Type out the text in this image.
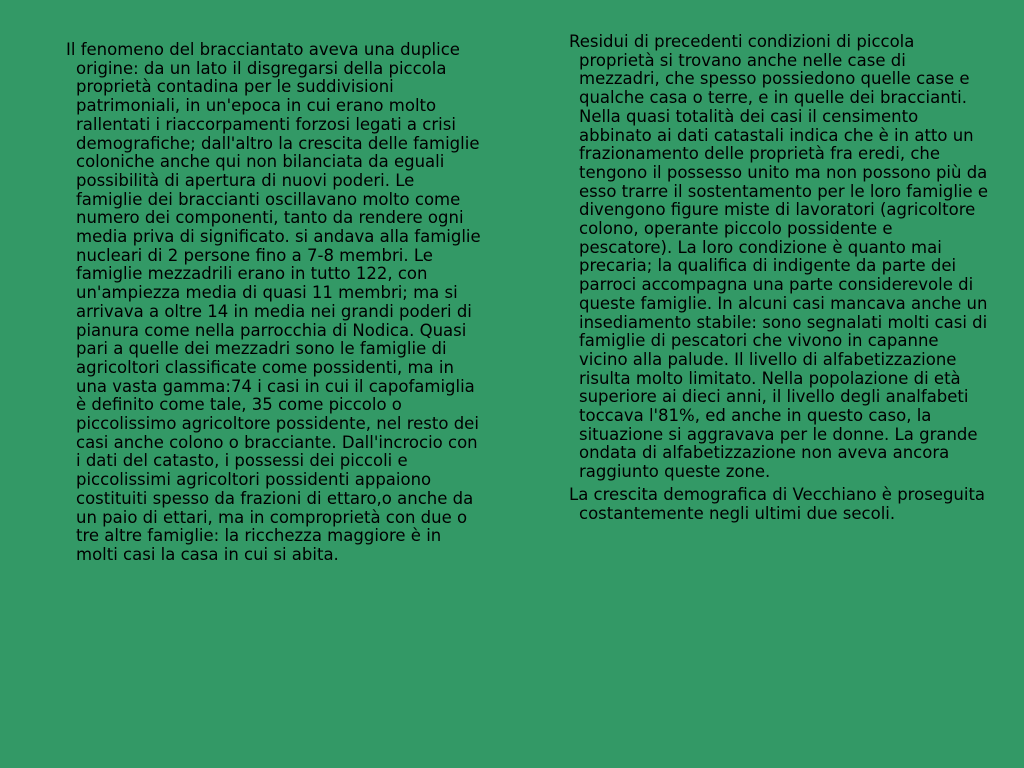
Il fenomeno del bracciantato aveva una duplice origine: da un lato il disgregarsi della piccola proprietà contadina per le suddivisioni patrimoniali, in un'epoca in cui erano molto rallentati i riaccorpamenti forzosi legati a crisi demografiche; dall'altro la crescita delle famiglie coloniche anche qui non bilanciata da eguali possibilità di apertura di nuovi poderi. Le famiglie dei braccianti oscillavano molto come numero dei componenti, tanto da rendere ogni media priva di significato. si andava alla famiglie nucleari di 2 persone fino a 7-8 membri. Le famiglie mezzadrili erano in tutto 122, con un'ampiezza media di quasi 11 membri; ma si arrivava a oltre 14 in media nei grandi poderi di pianura come nella parrocchia di Nodica. Quasi pari a quelle dei mezzadri sono le famiglie di agricoltori classificate come possidenti, ma in una vasta gamma:74 i casi in cui il capofamiglia è definito come tale, 35 come piccolo o piccolissimo agricoltore possidente, nel resto dei casi anche colono o bracciante. Dall'incrocio con i dati del catasto, i possessi dei piccoli e piccolissimi agricoltori possidenti appaiono costituiti spesso da frazioni di ettaro,o anche da un paio di ettari, ma in comproprietà con due o tre altre famiglie: la ricchezza maggiore è in molti casi la casa in cui si abita.

Residui di precedenti condizioni di piccola proprietà si trovano anche nelle case di mezzadri, che spesso possiedono quelle case e qualche casa o terre, e in quelle dei braccianti. Nella quasi totalità dei casi il censimento abbinato ai dati catastali indica che è in atto un frazionamento delle proprietà fra eredi, che tengono il possesso unito ma non possono più da esso trarre il sostentamento per le loro famiglie e divengono figure miste di lavoratori (agricoltore colono, operante piccolo possidente e pescatore). La loro condizione è quanto mai precaria; la qualifica di indigente da parte dei parroci accompagna una parte considerevole di queste famiglie. In alcuni casi mancava anche un insediamento stabile: sono segnalati molti casi di famiglie di pescatori che vivono in capanne vicino alla palude. Il livello di alfabetizzazione risulta molto limitato. Nella popolazione di età superiore ai dieci anni, il livello degli analfabeti toccava l'81%, ed anche in questo caso, la situazione si aggravava per le donne. La grande ondata di alfabetizzazione non aveva ancora raggiunto queste zone.

La crescita demografica di Vecchiano è proseguita costantemente negli ultimi due secoli.
